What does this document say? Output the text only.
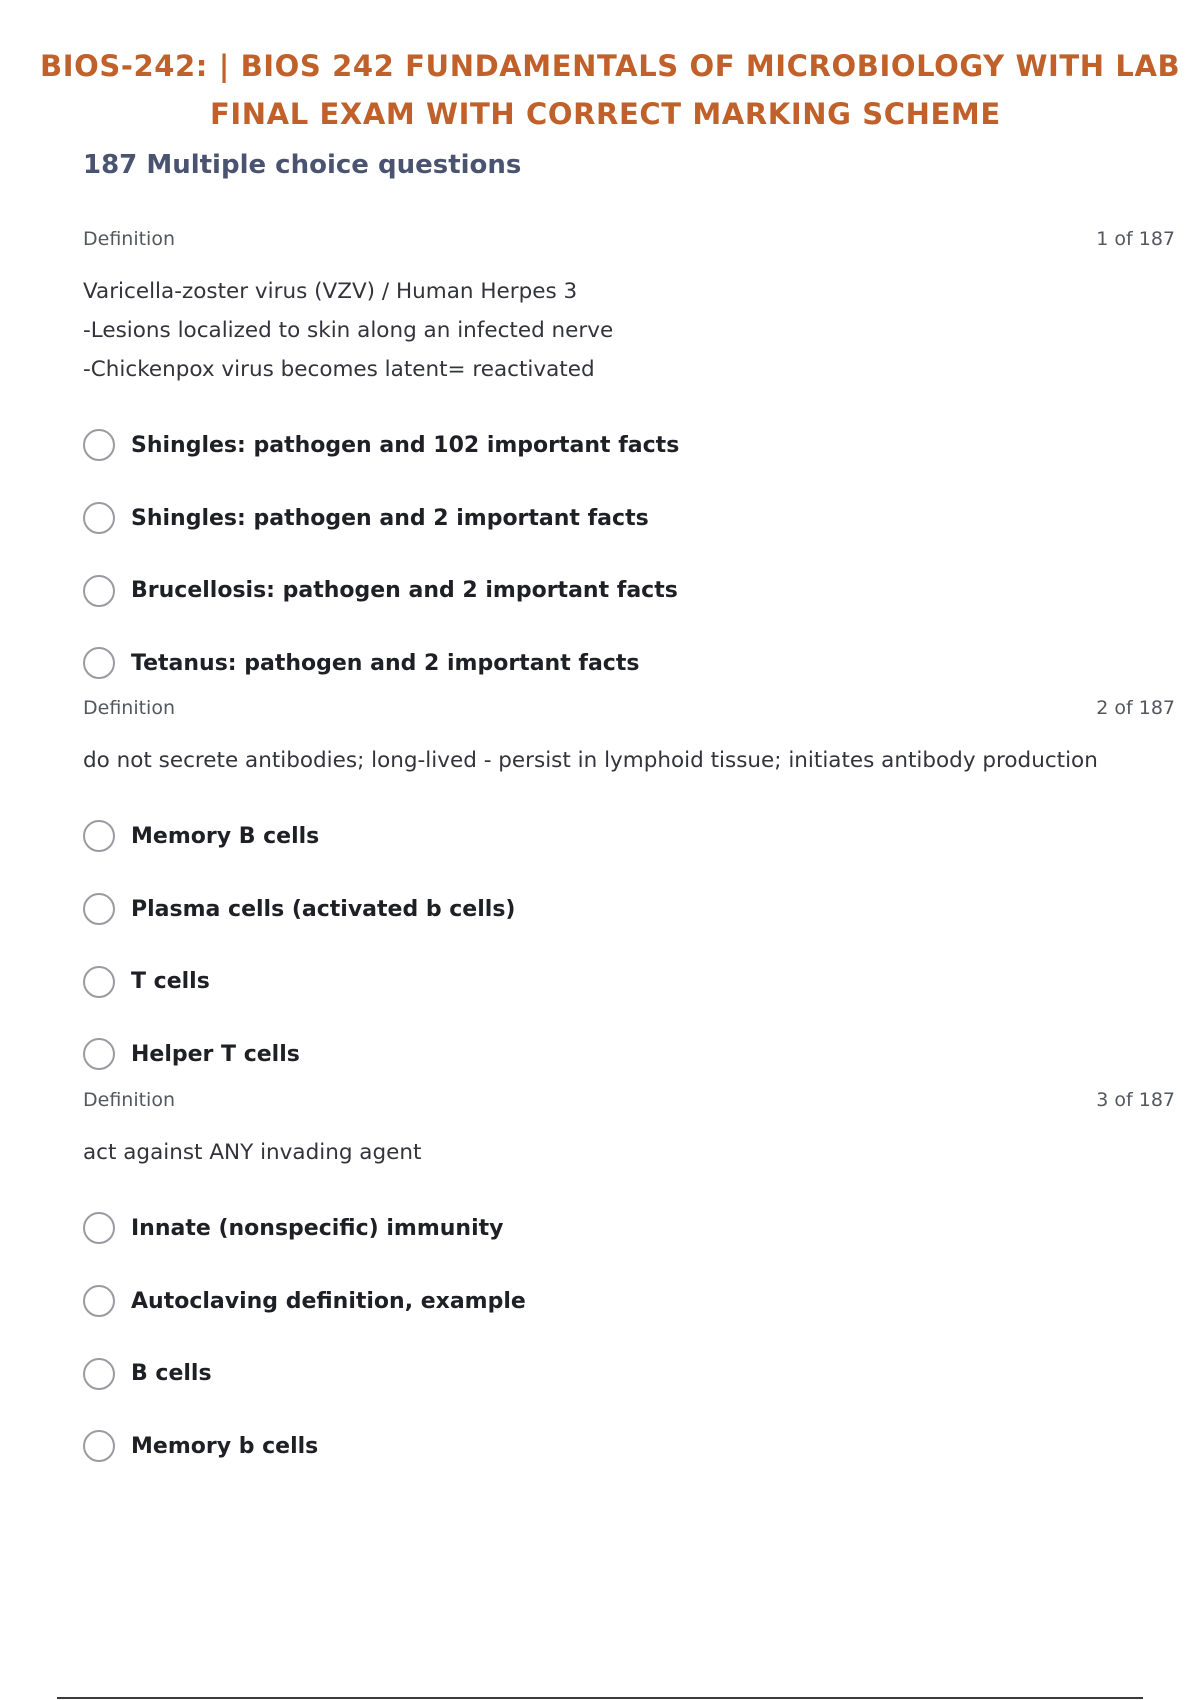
BIOS-242: | BIOS 242 FUNDAMENTALS OF MICROBIOLOGY WITH LAB
FINAL EXAM WITH CORRECT MARKING SCHEME

187 Multiple choice questions

Definition	1 of 187
Varicella-zoster virus (VZV) / Human Herpes 3
-Lesions localized to skin along an infected nerve
-Chickenpox virus becomes latent= reactivated
Shingles: pathogen and 102 important facts
Shingles: pathogen and 2 important facts
Brucellosis: pathogen and 2 important facts
Tetanus: pathogen and 2 important facts
Definition	2 of 187
do not secrete antibodies; long-lived - persist in lymphoid tissue; initiates antibody production
Memory B cells
Plasma cells (activated b cells)
T cells
Helper T cells
Definition	3 of 187
act against ANY invading agent
Innate (nonspecific) immunity
Autoclaving definition, example
B cells
Memory b cells
